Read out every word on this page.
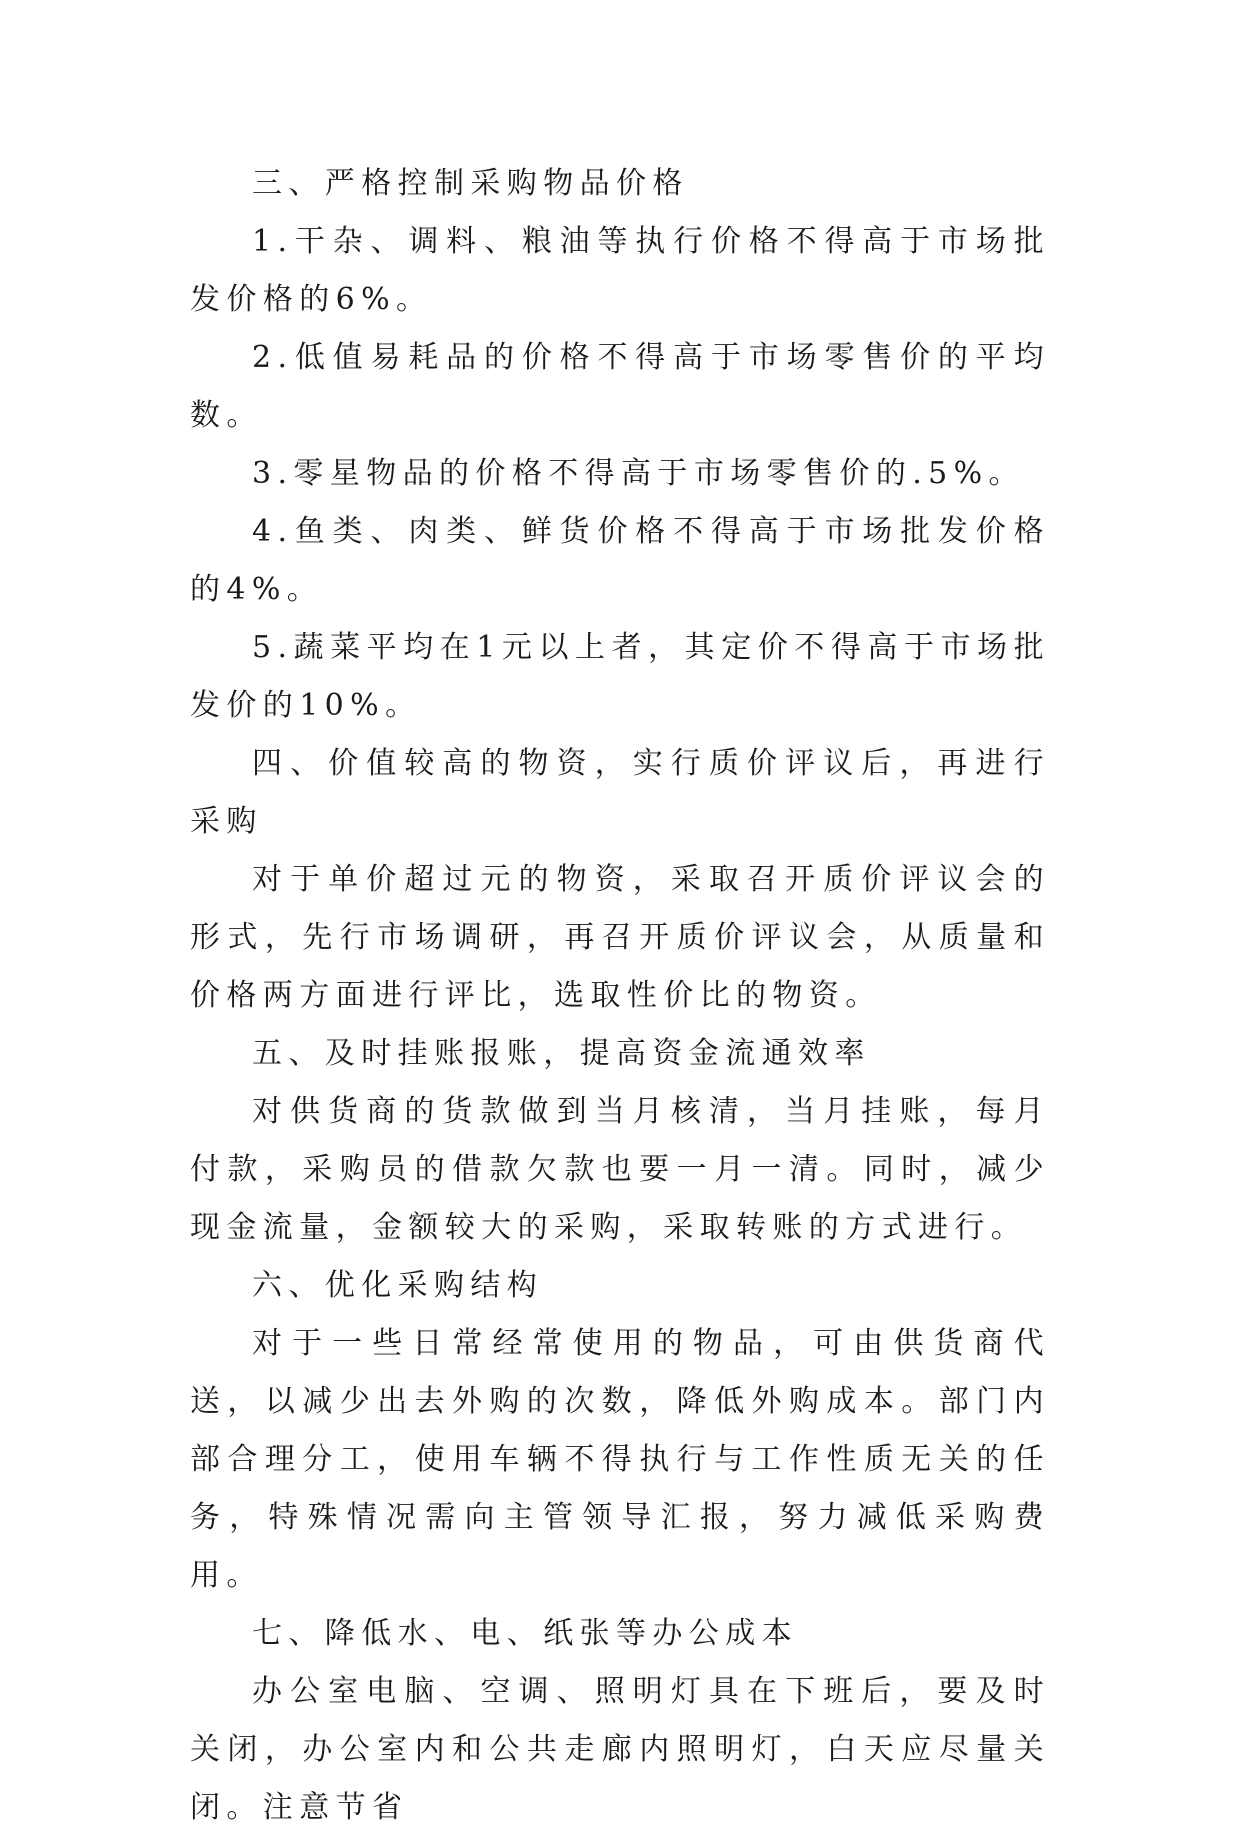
三、严格控制采购物品价格

1.干杂、调料、粮油等执行价格不得高于市场批发价格的6%。

2.低值易耗品的价格不得高于市场零售价的平均数。

3.零星物品的价格不得高于市场零售价的.5%。

4.鱼类、肉类、鲜货价格不得高于市场批发价格的4%。

5.蔬菜平均在1元以上者，其定价不得高于市场批发价的10%。

四、价值较高的物资，实行质价评议后，再进行采购

对于单价超过元的物资，采取召开质价评议会的形式，先行市场调研，再召开质价评议会，从质量和价格两方面进行评比，选取性价比的物资。

五、及时挂账报账，提高资金流通效率

对供货商的货款做到当月核清，当月挂账，每月付款，采购员的借款欠款也要一月一清。同时，减少现金流量，金额较大的采购，采取转账的方式进行。

六、优化采购结构

对于一些日常经常使用的物品，可由供货商代送，以减少出去外购的次数，降低外购成本。部门内部合理分工，使用车辆不得执行与工作性质无关的任务，特殊情况需向主管领导汇报，努力减低采购费用。

七、降低水、电、纸张等办公成本

办公室电脑、空调、照明灯具在下班后，要及时关闭，办公室内和公共走廊内照明灯，白天应尽量关闭。注意节省
